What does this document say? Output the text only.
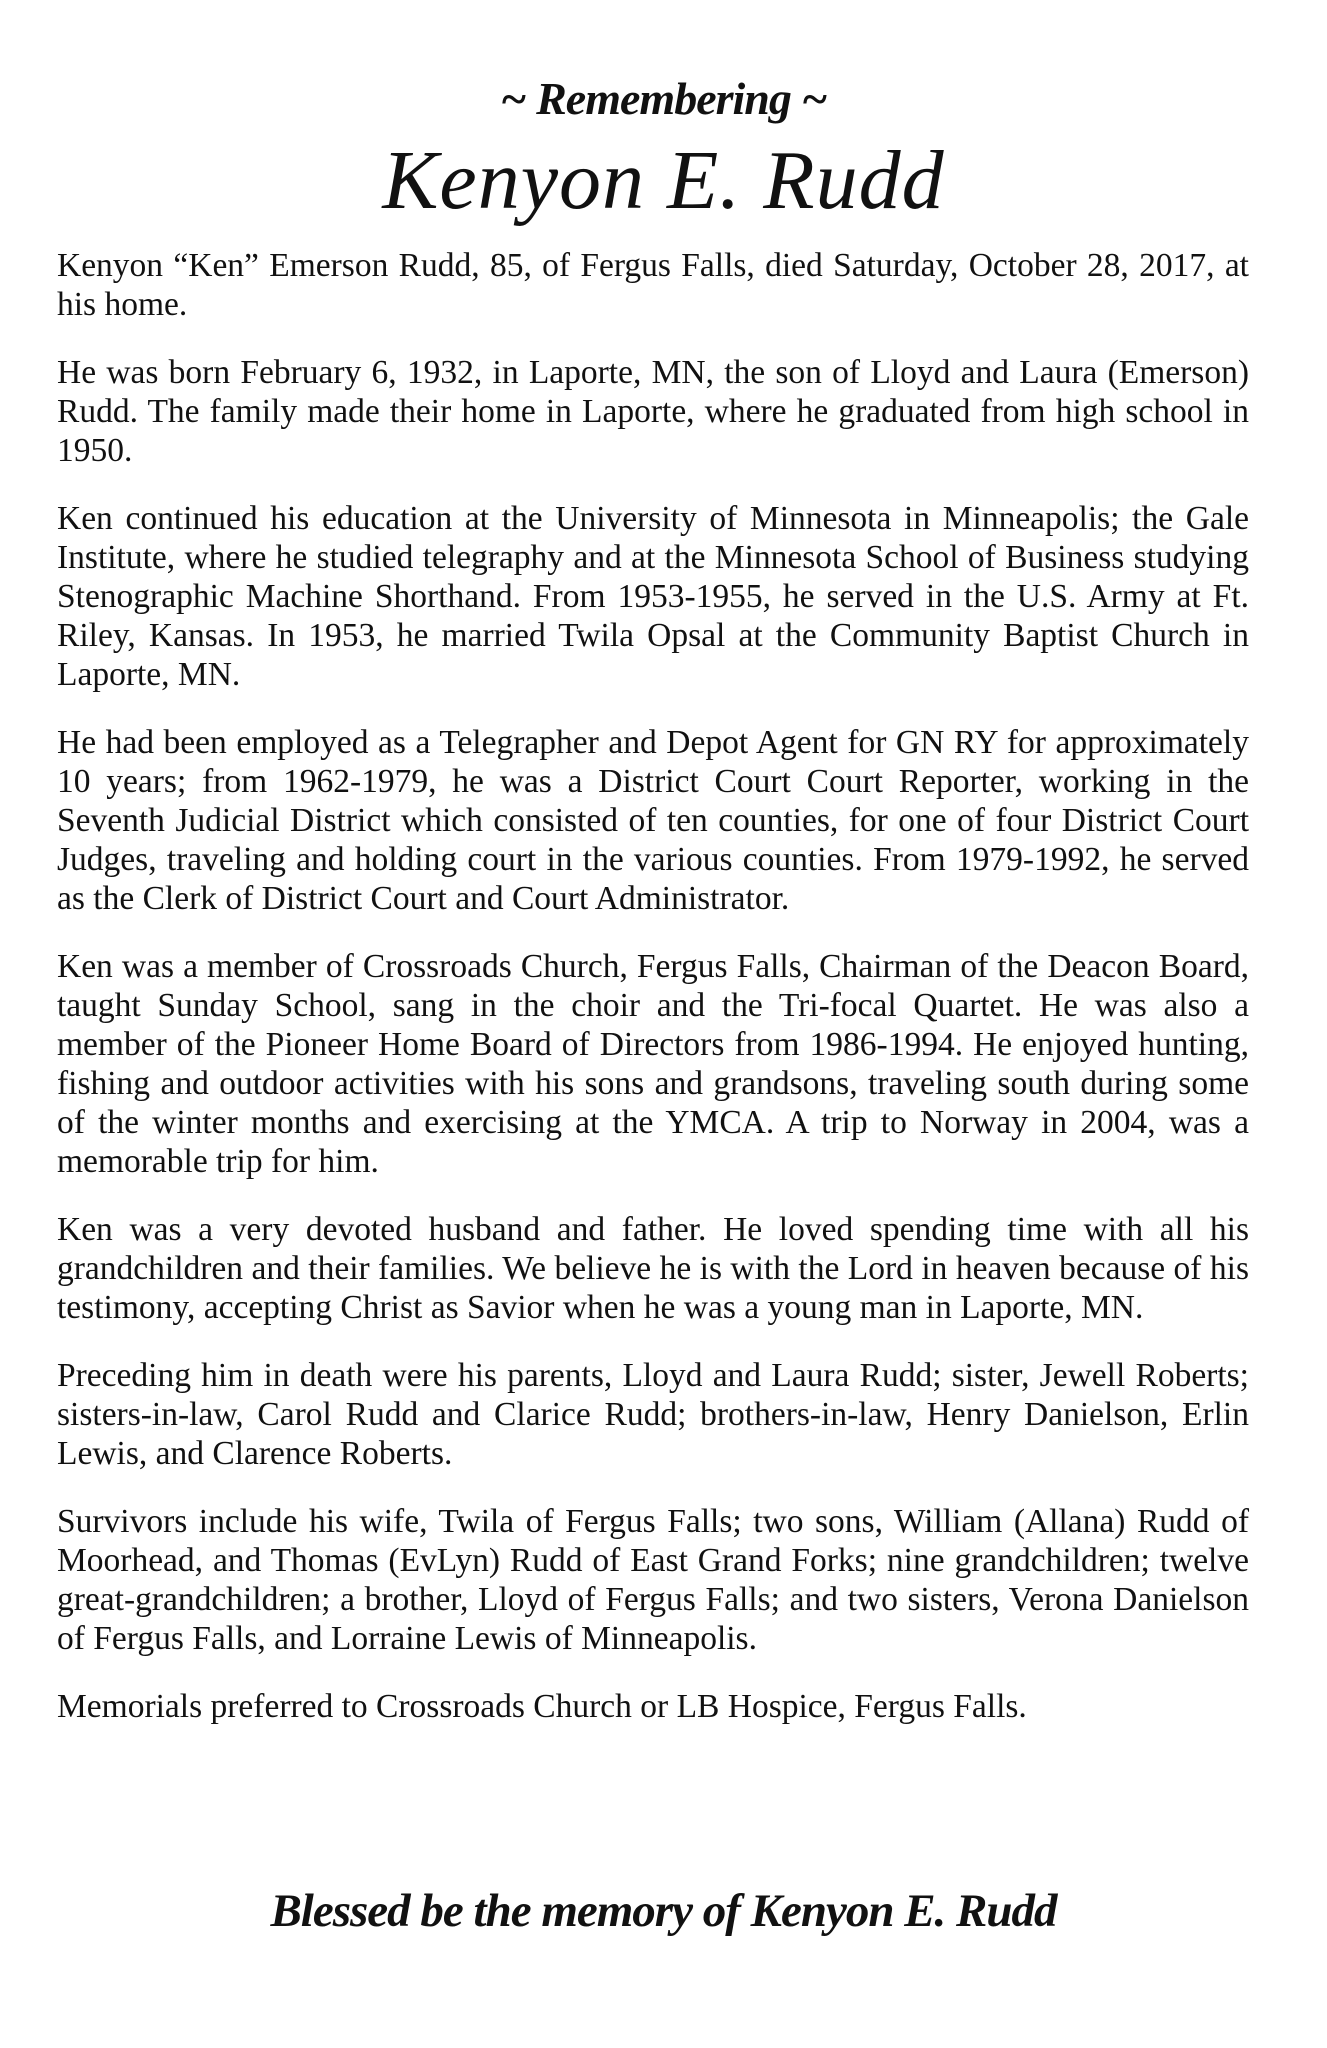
~ Remembering ~
Kenyon E. Rudd

Kenyon “Ken” Emerson Rudd, 85, of Fergus Falls, died Saturday, October 28, 2017, at his home.

He was born February 6, 1932, in Laporte, MN, the son of Lloyd and Laura (Emerson) Rudd. The family made their home in Laporte, where he graduated from high school in 1950.

Ken continued his education at the University of Minnesota in Minneapolis; the Gale Institute, where he studied telegraphy and at the Minnesota School of Business studying Stenographic Machine Shorthand. From 1953-1955, he served in the U.S. Army at Ft. Riley, Kansas. In 1953, he married Twila Opsal at the Community Baptist Church in Laporte, MN.

He had been employed as a Telegrapher and Depot Agent for GN RY for approximately 10 years; from 1962-1979, he was a District Court Court Reporter, working in the Seventh Judicial District which consisted of ten counties, for one of four District Court Judges, traveling and holding court in the various counties. From 1979-1992, he served as the Clerk of District Court and Court Administrator.

Ken was a member of Crossroads Church, Fergus Falls, Chairman of the Deacon Board, taught Sunday School, sang in the choir and the Tri-focal Quartet. He was also a member of the Pioneer Home Board of Directors from 1986-1994. He enjoyed hunting, fishing and outdoor activities with his sons and grandsons, traveling south during some of the winter months and exercising at the YMCA. A trip to Norway in 2004, was a memorable trip for him.

Ken was a very devoted husband and father. He loved spending time with all his grandchildren and their families. We believe he is with the Lord in heaven because of his testimony, accepting Christ as Savior when he was a young man in Laporte, MN.

Preceding him in death were his parents, Lloyd and Laura Rudd; sister, Jewell Roberts; sisters-in-law, Carol Rudd and Clarice Rudd; brothers-in-law, Henry Danielson, Erlin Lewis, and Clarence Roberts.

Survivors include his wife, Twila of Fergus Falls; two sons, William (Allana) Rudd of Moorhead, and Thomas (EvLyn) Rudd of East Grand Forks; nine grandchildren; twelve great-grandchildren; a brother, Lloyd of Fergus Falls; and two sisters, Verona Danielson of Fergus Falls, and Lorraine Lewis of Minneapolis.

Memorials preferred to Crossroads Church or LB Hospice, Fergus Falls.

Blessed be the memory of Kenyon E. Rudd
